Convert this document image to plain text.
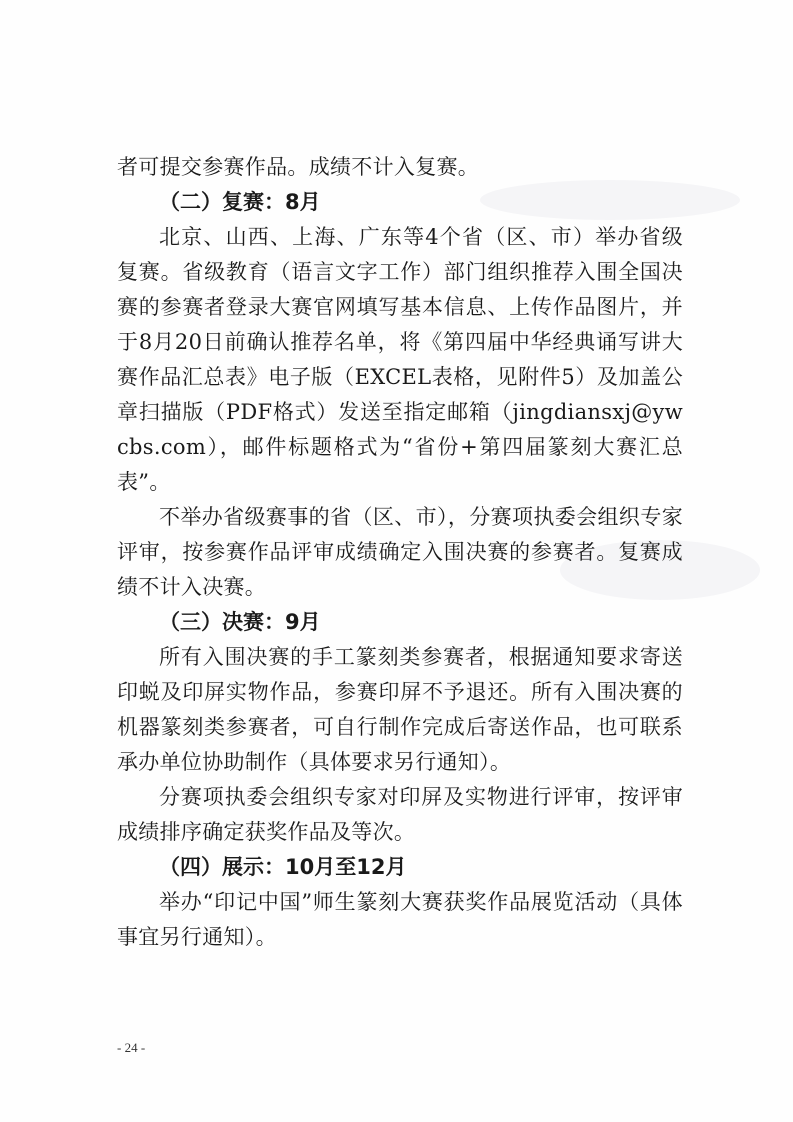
者可提交参赛作品。成绩不计入复赛。

（二）复赛：8月

北京、山西、上海、广东等4个省（区、市）举办省级复赛。省级教育（语言文字工作）部门组织推荐入围全国决赛的参赛者登录大赛官网填写基本信息、上传作品图片，并于8月20日前确认推荐名单，将《第四届中华经典诵写讲大赛作品汇总表》电子版（EXCEL表格，见附件5）及加盖公章扫描版（PDF格式）发送至指定邮箱（jingdiansxj@ywcbs.com），邮件标题格式为“省份+第四届篆刻大赛汇总表”。

不举办省级赛事的省（区、市），分赛项执委会组织专家评审，按参赛作品评审成绩确定入围决赛的参赛者。复赛成绩不计入决赛。

（三）决赛：9月

所有入围决赛的手工篆刻类参赛者，根据通知要求寄送印蜕及印屏实物作品，参赛印屏不予退还。所有入围决赛的机器篆刻类参赛者，可自行制作完成后寄送作品，也可联系承办单位协助制作（具体要求另行通知）。

分赛项执委会组织专家对印屏及实物进行评审，按评审成绩排序确定获奖作品及等次。

（四）展示：10月至12月

举办“印记中国”师生篆刻大赛获奖作品展览活动（具体事宜另行通知）。

- 24 -
